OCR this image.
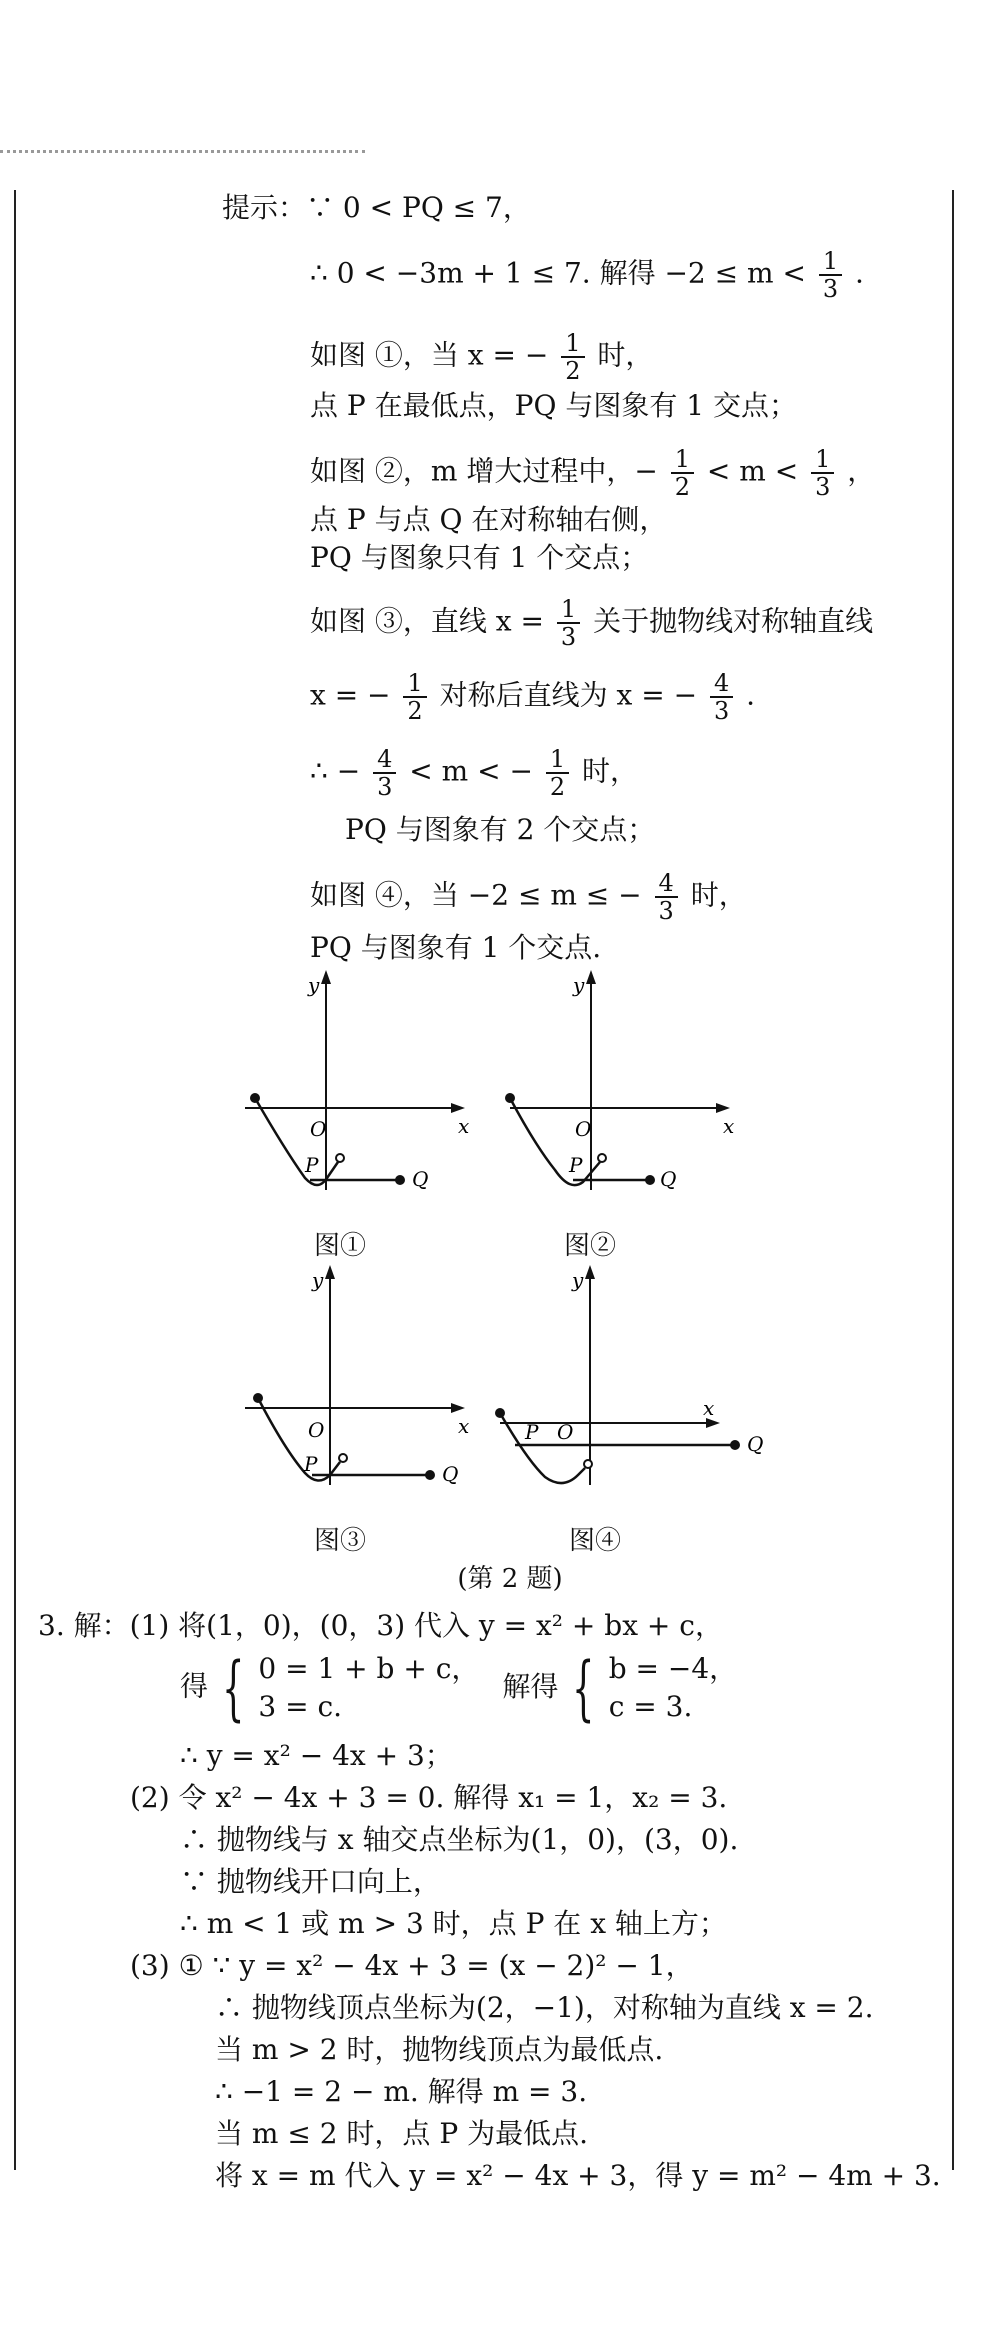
提示：∵ 0 < PQ ≤ 7，
∴ 0 < −3m + 1 ≤ 7. 解得 $-2 \le m < \frac{1}{3}$ .
如图 ①，当 x = − $\frac{1}{2}$ 时，
点 P 在最低点，PQ 与图象有 1 交点；
如图 ②，m 增大过程中，− $\frac{1}{2} < m < \frac{1}{3}$ ，
点 P 与点 Q 在对称轴右侧，
PQ 与图象只有 1 个交点；
如图 ③，直线 $x = \frac{1}{3}$ 关于抛物线对称轴直线
x = − $\frac{1}{2}$ 对称后直线为 x = − $\frac{4}{3}$ .
∴ − $\frac{4}{3} < m$ < − $\frac{1}{2}$ 时，
PQ 与图象有 2 个交点；
如图 ④，当 −2 ≤ m ≤ − $\frac{4}{3}$ 时，
PQ 与图象有 1 个交点.
y
x
O
P
Q
图①
y
x
O
P
Q
图②
y
x
O
P	Q
图③
y
x
O
P	Q
图④
(第 2 题)
3. 解：(1) 将(1，0)，(0，3) 代入 y = x² + bx + c，
得 { 0 = 1 + b + c，
3 = c.
解得 { b = −4，
c = 3.
∴ y = x² − 4x + 3；
(2) 令 x² − 4x + 3 = 0. 解得 x₁ = 1，x₂ = 3.
∴ 抛物线与 x 轴交点坐标为(1，0)，(3，0).
∵ 抛物线开口向上，
∴ m < 1 或 m > 3 时，点 P 在 x 轴上方；
(3) ① ∵ y = x² − 4x + 3 = (x − 2)² − 1，
∴ 抛物线顶点坐标为(2，−1)，对称轴为直线 x = 2.
当 m > 2 时，抛物线顶点为最低点.
∴ −1 = 2 − m. 解得 m = 3.
当 m ≤ 2 时，点 P 为最低点.
将 x = m 代入 y = x² − 4x + 3，得 y = m² − 4m + 3.
